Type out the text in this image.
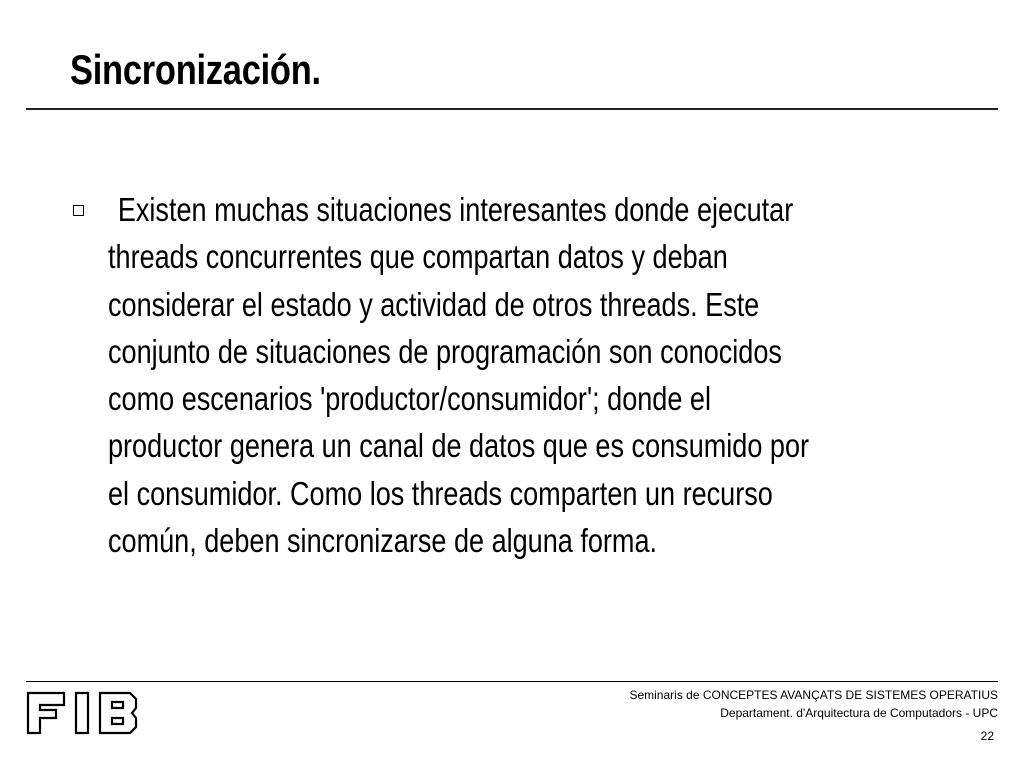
Sincronización.
Existen muchas situaciones interesantes donde ejecutar
threads concurrentes que compartan datos y deban
considerar el estado y actividad de otros threads. Este
conjunto de situaciones de programación son conocidos
como escenarios 'productor/consumidor'; donde el
productor genera un canal de datos que es consumido por
el consumidor. Como los threads comparten un recurso
común, deben sincronizarse de alguna forma.
Seminaris de CONCEPTES AVANÇATS DE SISTEMES OPERATIUS
Departament. d'Arquitectura de Computadors - UPC
22
